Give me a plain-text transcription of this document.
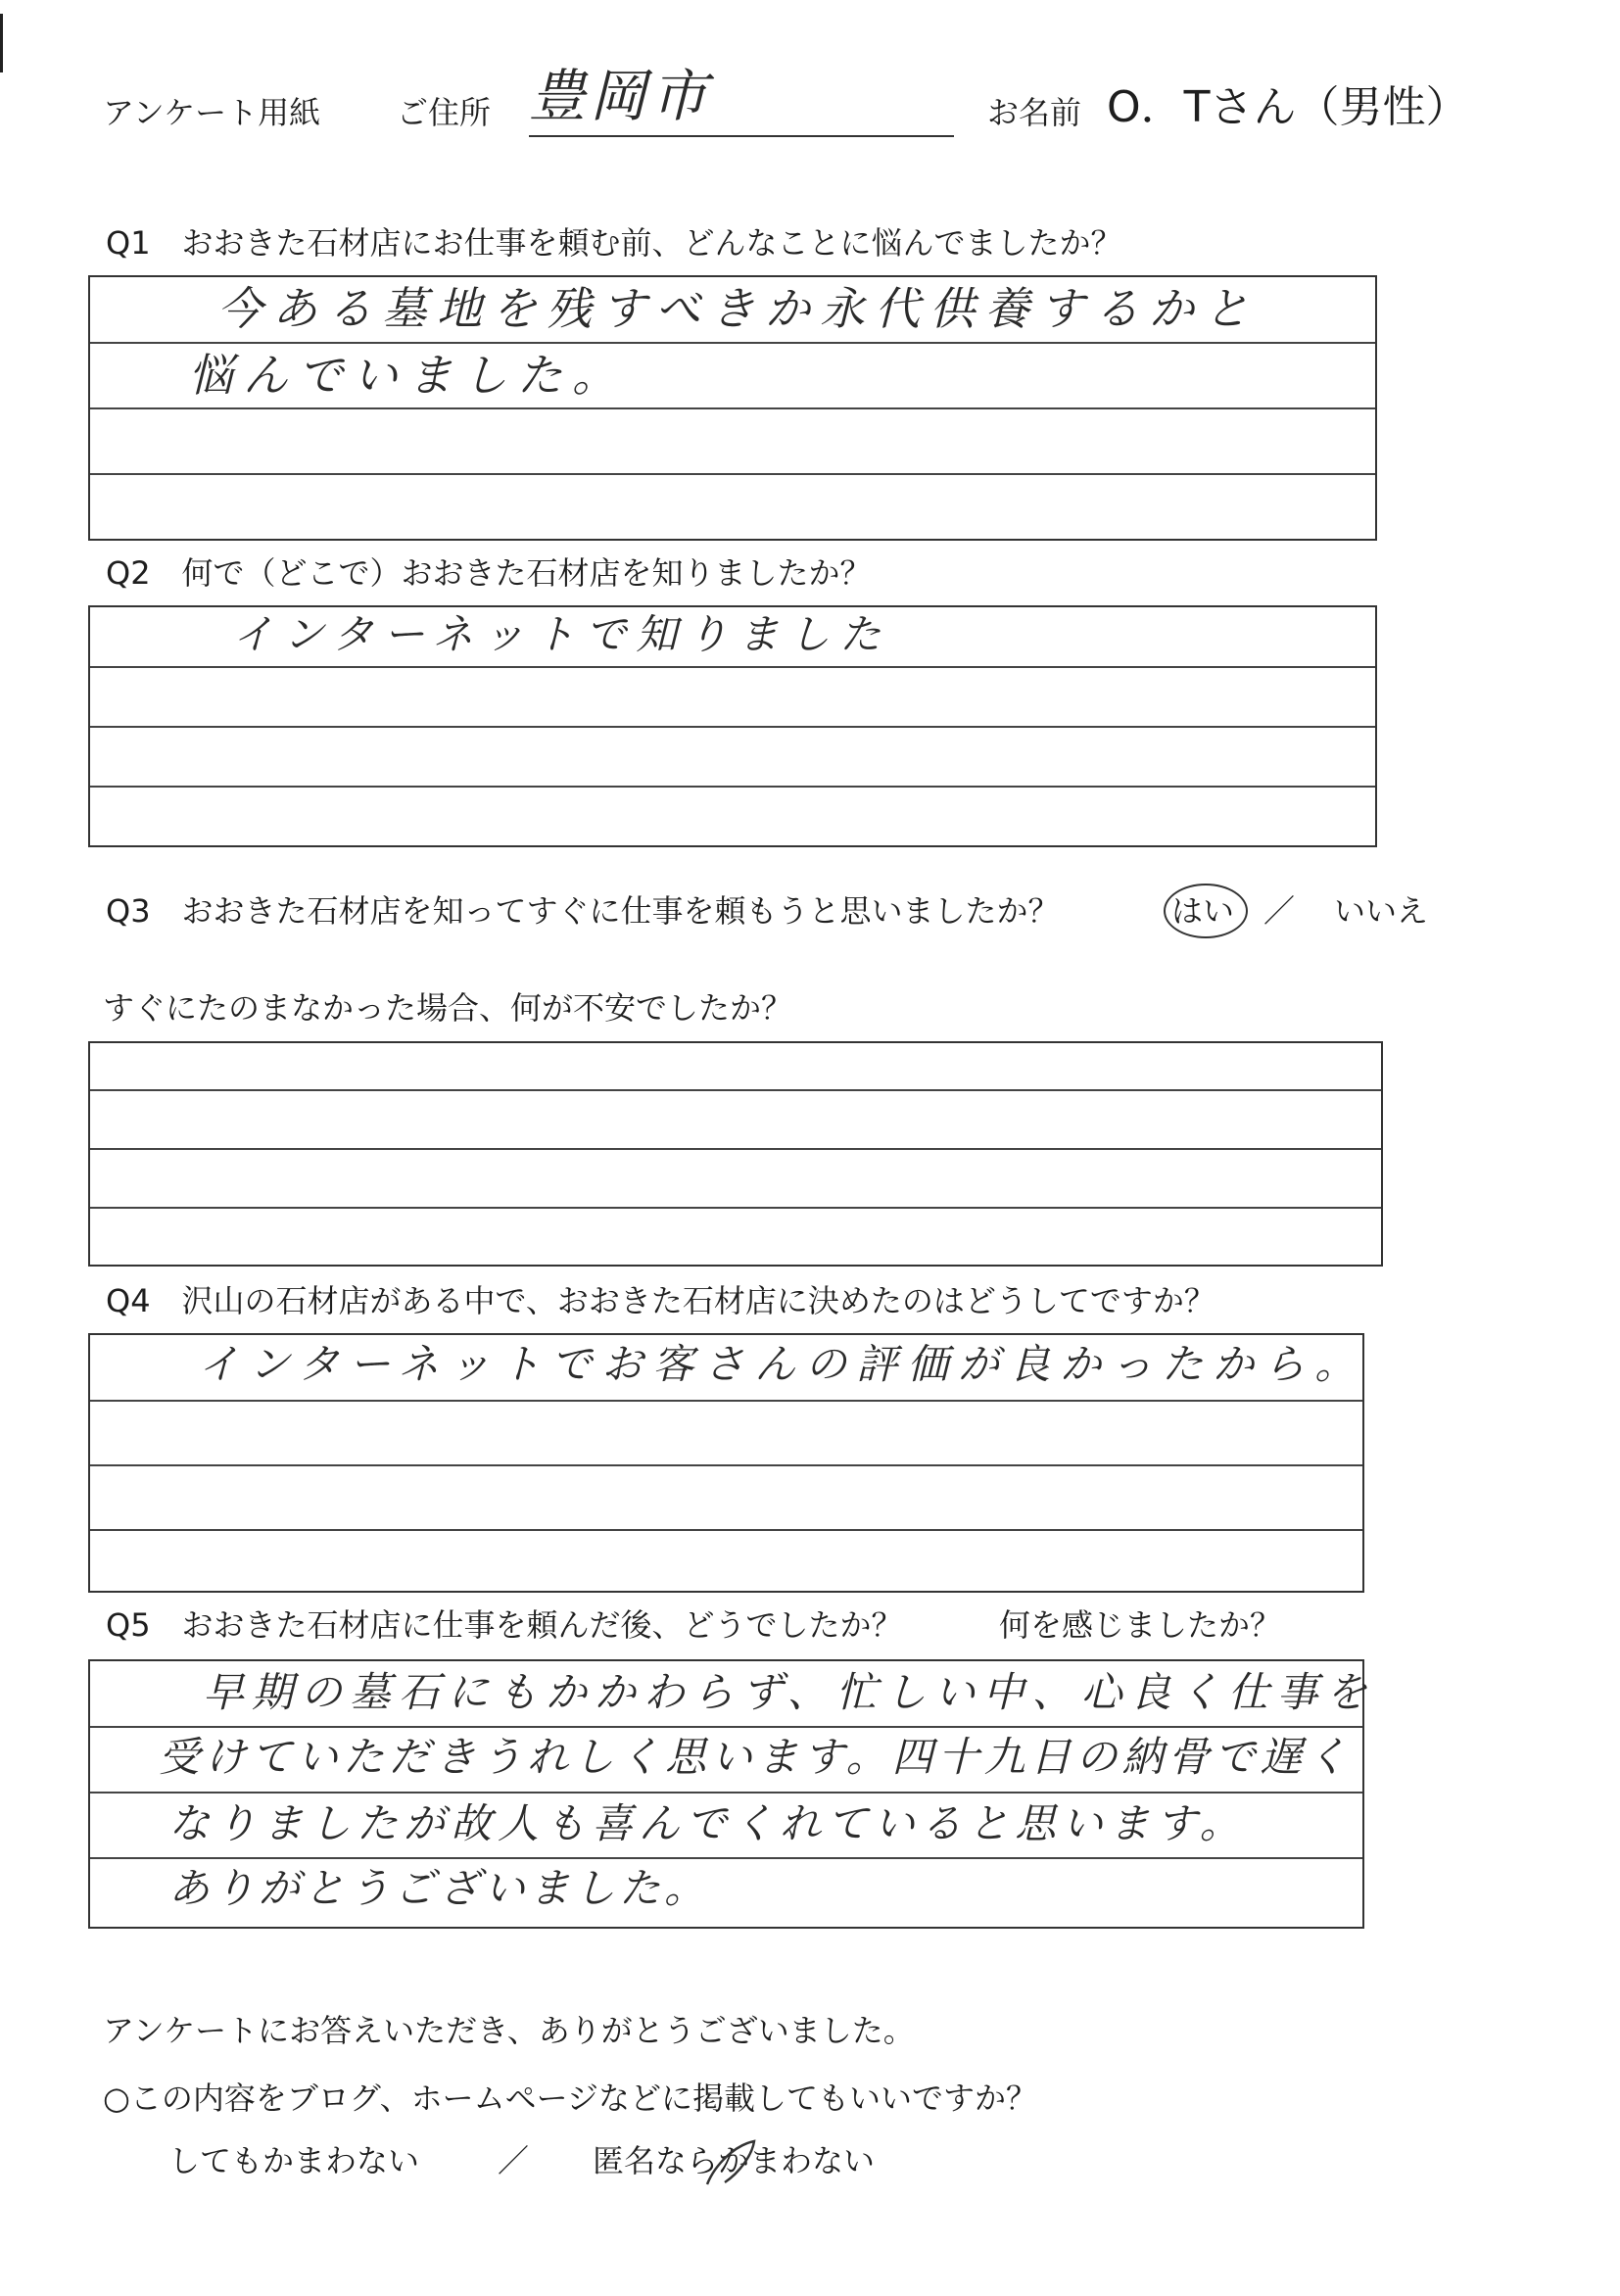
アンケート用紙 ご住所 豊岡市	お名前 O．Tさん（男性）
Q1　おおきた石材店にお仕事を頼む前、どんなことに悩んでましたか？
今ある墓地を残すべきか永代供養するかと
悩んでいました。
Q2　何で（どこで）おおきた石材店を知りましたか？
インターネットで知りました
Q3　おおきた石材店を知ってすぐに仕事を頼もうと思いましたか？	はい ／ いいえ
すぐにたのまなかった場合、何が不安でしたか？
Q4　沢山の石材店がある中で、おおきた石材店に決めたのはどうしてですか？
インターネットでお客さんの評価が良かったから。
Q5　おおきた石材店に仕事を頼んだ後、どうでしたか？	何を感じましたか？
早期の墓石にもかかわらず、忙しい中、心良く仕事を
受けていただきうれしく思います。四十九日の納骨で遅く
なりましたが故人も喜んでくれていると思います。
ありがとうございました。
アンケートにお答えいただき、ありがとうございました。
○この内容をブログ、ホームページなどに掲載してもいいですか？
してもかまわない ／ 匿名ならかまわない
